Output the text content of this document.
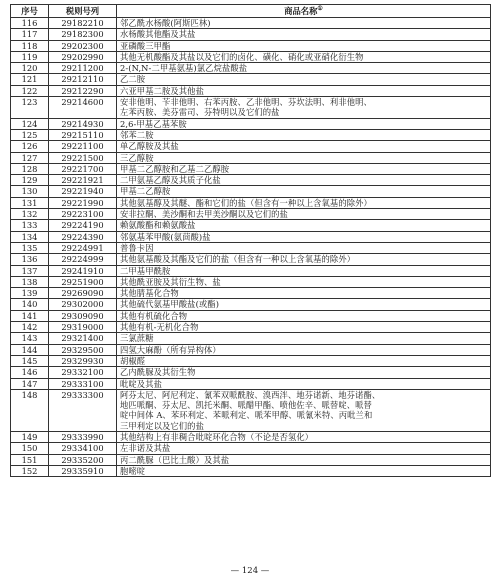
序号	税则号列	商品名称①
116	29182210	邻乙酰水杨酸(阿斯匹林)

117	29182300	水杨酸其他酯及其盐

118	29202300	亚磷酸三甲酯

119	29202990	其他无机酸酯及其盐以及它们的卤化、磺化、硝化或亚硝化衍生物

120	29211200	2-(N,N-二甲基氨基)氯乙烷盐酸盐

121	29212110	乙二胺

122	29212290	六亚甲基二胺及其他盐

123	29214600	安非他明、苄非他明、右苯丙胺、乙非他明、芬坎法明、利非他明、
左苯丙胺、美芬雷司、芬特明以及它们的盐

124	29214930	2,6-甲基乙基苯胺

125	29215110	邻苯二胺

126	29221100	单乙醇胺及其盐

127	29221500	三乙醇胺

128	29221700	甲基二乙醇胺和乙基二乙醇胺

129	29221921	二甲氨基乙醇及其质子化盐

130	29221940	甲基二乙醇胺

131	29221990	其他氨基醇及其醚、酯和它们的盐（但含有一种以上含氧基的除外）

132	29223100	安非拉酮、美沙酮和去甲美沙酮以及它们的盐

133	29224190	赖氨酸酯和赖氨酸盐

134	29224390	邻氨基苯甲酸(氨茴酸)盐

135	29224991	普鲁卡因

136	29224999	其他氨基酸及其酯及它们的盐（但含有一种以上含氧基的除外）

137	29241910	二甲基甲酰胺

138	29251900	其他酰亚胺及其衍生物、盐

139	29269090	其他腈基化合物

140	29302000	其他硫代氨基甲酸盐(或酯)

141	29309090	其他有机硫化合物

142	29319000	其他有机-无机化合物

143	29321400	三氯蔗糖

144	29329500	四氢大麻酚（所有异构体）

145	29329930	胡椒醛

146	29332100	乙内酰脲及其衍生物

147	29333100	吡啶及其盐

148	29333300	阿芬太尼、阿尼利定、氰苯双哌酰胺、溴西泮、地芬诺新、地芬诺酯、
地匹哌酮、芬太尼、凯托米酮、哌醋甲酯、喷他佐辛、哌替啶、哌替
啶中间体 A、苯环利定、苯哌利定、哌苯甲醇、哌氰米特、丙吡兰和
三甲利定以及它们的盐

149	29333990	其他结构上有非稠合吡啶环化合物（不论是否氢化）

150	29334100	左非诺及其盐

151	29335200	丙二酰脲（巴比土酸）及其盐

152	29335910	胞嘧啶
— 124 —
